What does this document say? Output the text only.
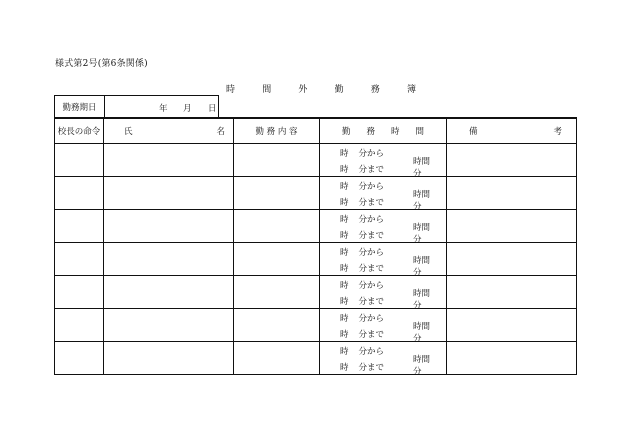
様式第2号(第6条関係)
時	間	外	勤	務	簿
勤務期日	年 月 日
校長の命令	氏 名	勤 務 内 容	勤 務 時 間	備 考

			時 分から
時 分まで
時間分	

			時 分から
時 分まで
時間分	

			時 分から
時 分まで
時間分	

			時 分から
時 分まで
時間分	

			時 分から
時 分まで
時間分	

			時 分から
時 分まで
時間分	

			時 分から
時 分まで
時間分	
